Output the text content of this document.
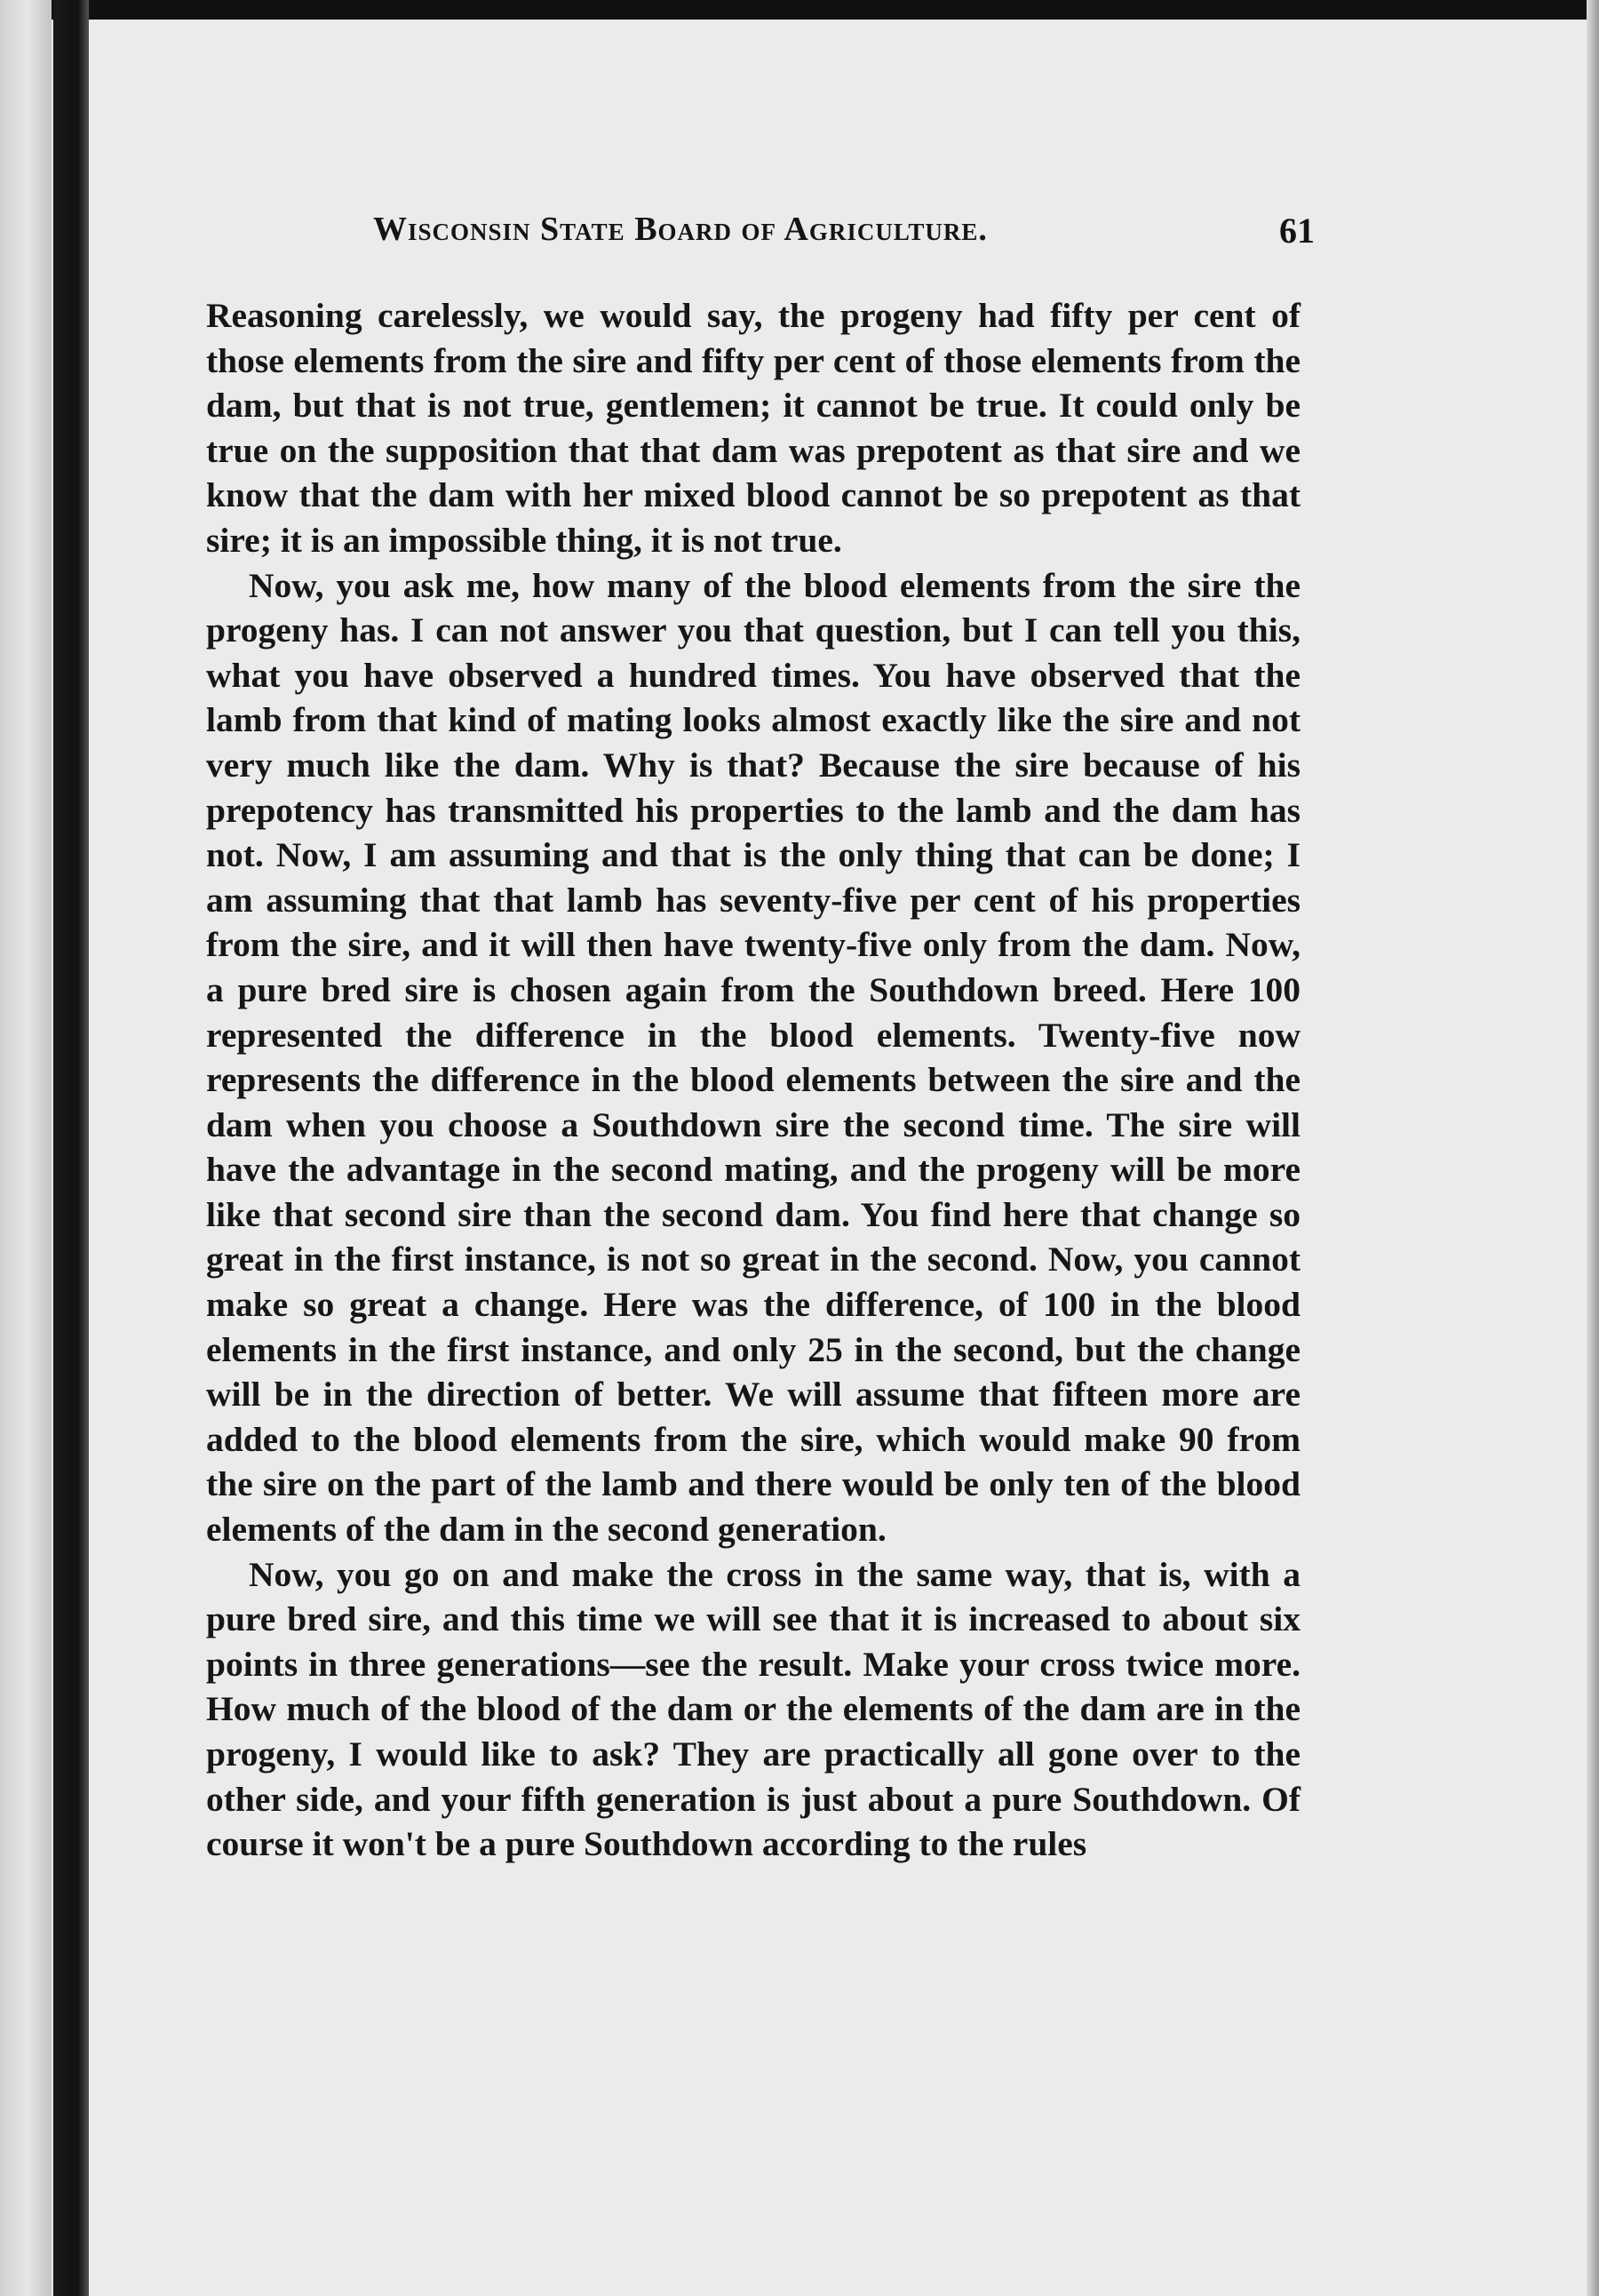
Wisconsin State Board of Agriculture.	61

Reasoning carelessly, we would say, the progeny had fifty per cent of those elements from the sire and fifty per cent of those elements from the dam, but that is not true, gentlemen; it cannot be true. It could only be true on the supposition that that dam was prepotent as that sire and we know that the dam with her mixed blood cannot be so prepotent as that sire; it is an impossible thing, it is not true.

Now, you ask me, how many of the blood elements from the sire the progeny has. I can not answer you that question, but I can tell you this, what you have observed a hundred times. You have observed that the lamb from that kind of mating looks almost exactly like the sire and not very much like the dam. Why is that? Because the sire because of his prepotency has transmitted his properties to the lamb and the dam has not. Now, I am assuming and that is the only thing that can be done; I am assuming that that lamb has seventy-five per cent of his properties from the sire, and it will then have twenty-five only from the dam. Now, a pure bred sire is chosen again from the Southdown breed. Here 100 represented the difference in the blood elements. Twenty-five now represents the difference in the blood elements between the sire and the dam when you choose a Southdown sire the second time. The sire will have the advantage in the second mating, and the progeny will be more like that second sire than the second dam. You find here that change so great in the first instance, is not so great in the second. Now, you cannot make so great a change. Here was the difference, of 100 in the blood elements in the first instance, and only 25 in the second, but the change will be in the direction of better. We will assume that fifteen more are added to the blood elements from the sire, which would make 90 from the sire on the part of the lamb and there would be only ten of the blood elements of the dam in the second generation.

Now, you go on and make the cross in the same way, that is, with a pure bred sire, and this time we will see that it is increased to about six points in three generations—see the result. Make your cross twice more. How much of the blood of the dam or the elements of the dam are in the progeny, I would like to ask? They are practically all gone over to the other side, and your fifth generation is just about a pure Southdown. Of course it won't be a pure Southdown according to the rules
